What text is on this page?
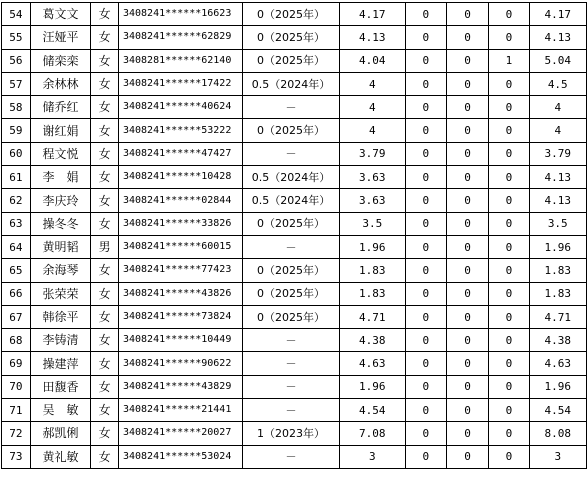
54	葛文文	女	3408241******16623	0（2025年）	4.17	0	0	0	4.17
55	汪娅平	女	3408241******62829	0（2025年）	4.13	0	0	0	4.13
56	储栾栾	女	3408281******62140	0（2025年）	4.04	0	0	1	5.04
57	余林林	女	3408241******17422	0.5（2024年）	4	0	0	0	4.5
58	储乔红	女	3408241******40624	－	4	0	0	0	4
59	谢红娟	女	3408241******53222	0（2025年）	4	0	0	0	4
60	程文悦	女	3408241******47427	－	3.79	0	0	0	3.79
61	李　娟	女	3408241******10428	0.5（2024年）	3.63	0	0	0	4.13
62	李庆玲	女	3408241******02844	0.5（2024年）	3.63	0	0	0	4.13
63	操冬冬	女	3408241******33826	0（2025年）	3.5	0	0	0	3.5
64	黄明韬	男	3408241******60015	－	1.96	0	0	0	1.96
65	余海琴	女	3408241******77423	0（2025年）	1.83	0	0	0	1.83
66	张荣荣	女	3408241******43826	0（2025年）	1.83	0	0	0	1.83
67	韩徐平	女	3408241******73824	0（2025年）	4.71	0	0	0	4.71
68	李铸清	女	3408241******10449	－	4.38	0	0	0	4.38
69	操建萍	女	3408241******90622	－	4.63	0	0	0	4.63
70	田馥香	女	3408241******43829	－	1.96	0	0	0	1.96
71	吴　敏	女	3408241******21441	－	4.54	0	0	0	4.54
72	郝凯俐	女	3408241******20027	1（2023年）	7.08	0	0	0	8.08
73	黄礼敏	女	3408241******53024	－	3	0	0	0	3
